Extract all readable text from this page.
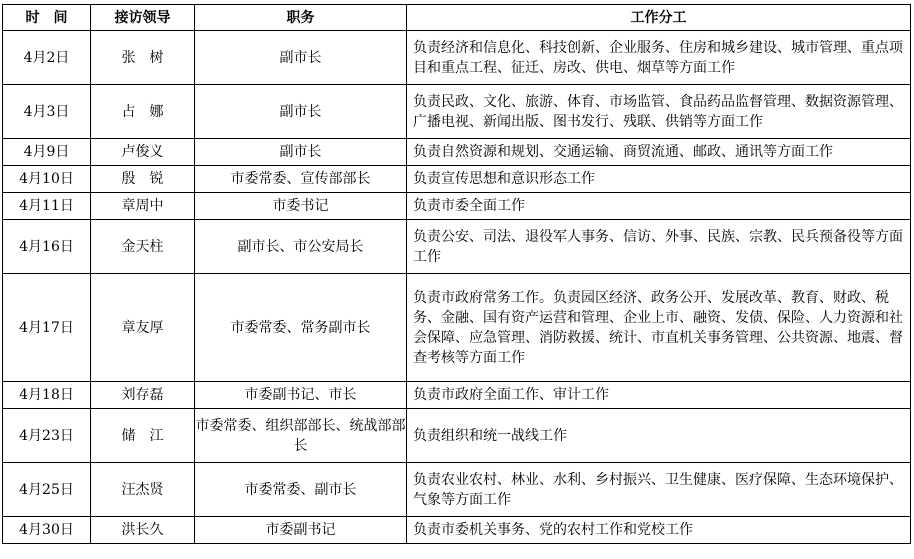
时　间	接访领导	职务	工作分工
4月2日	张　树	副市长	负责经济和信息化、科技创新、企业服务、住房和城乡建设、城市管理、重点项目和重点工程、征迁、房改、供电、烟草等方面工作
4月3日	占　娜	副市长	负责民政、文化、旅游、体育、市场监管、食品药品监督管理、数据资源管理、广播电视、新闻出版、图书发行、残联、供销等方面工作
4月9日	卢俊义	副市长	负责自然资源和规划、交通运输、商贸流通、邮政、通讯等方面工作
4月10日	殷　锐	市委常委、宣传部部长	负责宣传思想和意识形态工作
4月11日	章周中	市委书记	负责市委全面工作
4月16日	金天柱	副市长、市公安局长	负责公安、司法、退役军人事务、信访、外事、民族、宗教、民兵预备役等方面工作
4月17日	章友厚	市委常委、常务副市长	负责市政府常务工作。负责园区经济、政务公开、发展改革、教育、财政、税务、金融、国有资产运营和管理、企业上市、融资、发债、保险、人力资源和社会保障、应急管理、消防救援、统计、市直机关事务管理、公共资源、地震、督查考核等方面工作
4月18日	刘存磊	市委副书记、市长	负责市政府全面工作、审计工作
4月23日	储　江	市委常委、组织部部长、统战部部长	负责组织和统一战线工作
4月25日	汪杰贤	市委常委、副市长	负责农业农村、林业、水利、乡村振兴、卫生健康、医疗保障、生态环境保护、气象等方面工作
4月30日	洪长久	市委副书记	负责市委机关事务、党的农村工作和党校工作
